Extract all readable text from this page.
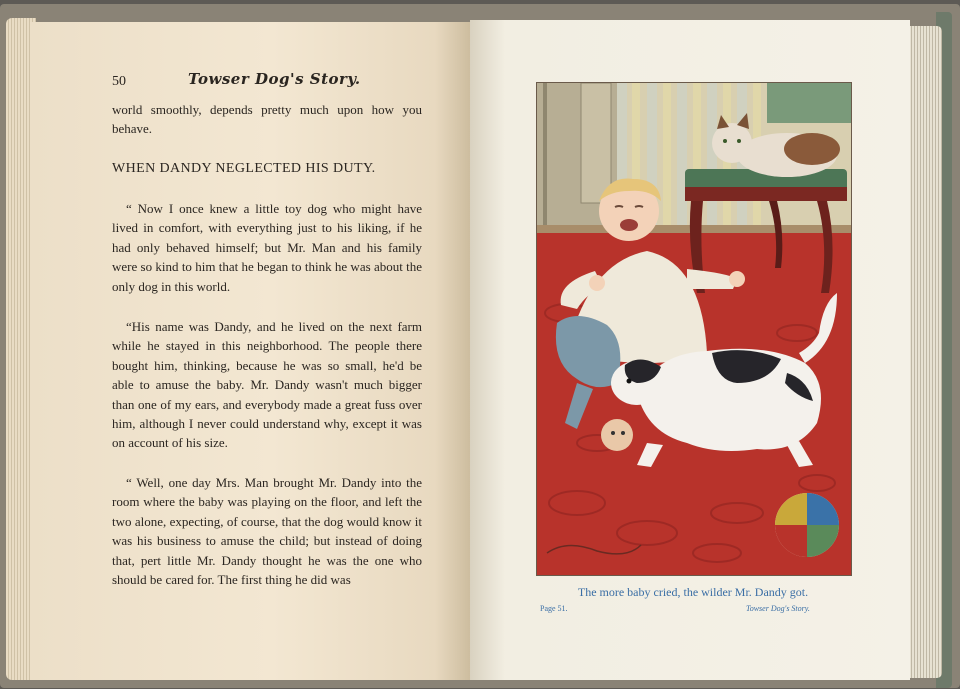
50	Towser Dog's Story.
world smoothly, depends pretty much upon how you behave.
WHEN DANDY NEGLECTED HIS DUTY.
“ Now I once knew a little toy dog who might have lived in comfort, with everything just to his liking, if he had only behaved himself; but Mr. Man and his family were so kind to him that he began to think he was about the only dog in this world.
“His name was Dandy, and he lived on the next farm while he stayed in this neighborhood. The people there bought him, thinking, because he was so small, he'd be able to amuse the baby. Mr. Dandy wasn't much bigger than one of my ears, and everybody made a great fuss over him, although I never could understand why, except it was on account of his size.
“ Well, one day Mrs. Man brought Mr. Dandy into the room where the baby was playing on the floor, and left the two alone, expecting, of course, that the dog would know it was his business to amuse the child; but instead of doing that, pert little Mr. Dandy thought he was the one who should be cared for. The first thing he did was
The more baby cried, the wilder Mr. Dandy got.
Page 51.	Towser Dog's Story.
